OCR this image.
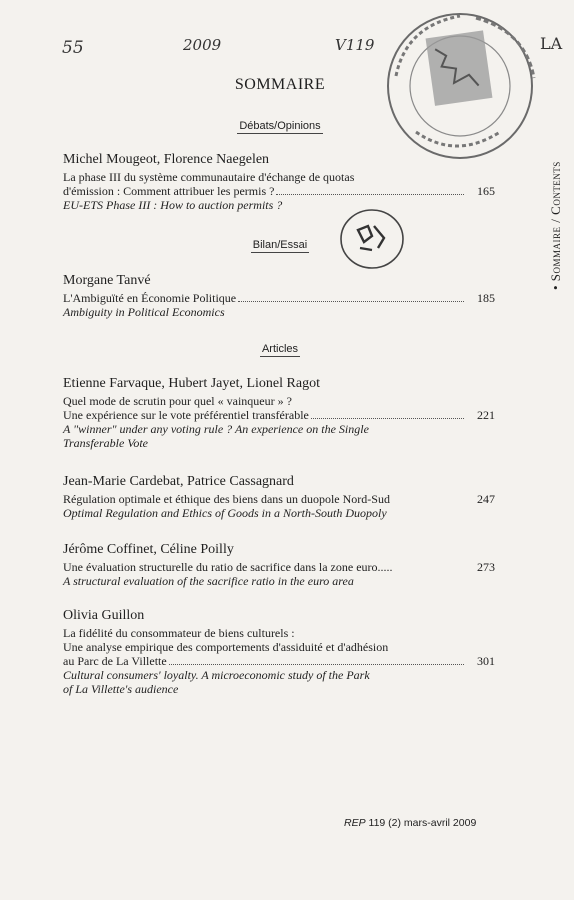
55	2009	V119	LA
SOMMAIRE
Débats/Opinions
Michel Mougeot, Florence Naegelen
La phase III du système communautaire d'échange de quotas
d'émission : Comment attribuer les permis ?	165
EU-ETS Phase III : How to auction permits ?
Bilan/Essai
Morgane Tanvé
L'Ambiguïté en Économie Politique	185
Ambiguity in Political Economics
Articles
Etienne Farvaque, Hubert Jayet, Lionel Ragot
Quel mode de scrutin pour quel « vainqueur » ?
Une expérience sur le vote préférentiel transférable	221
A "winner" under any voting rule ? An experience on the Single
Transferable Vote
Jean-Marie Cardebat, Patrice Cassagnard
Régulation optimale et éthique des biens dans un duopole Nord-Sud	247
Optimal Regulation and Ethics of Goods in a North-South Duopoly
Jérôme Coffinet, Céline Poilly
Une évaluation structurelle du ratio de sacrifice dans la zone euro.....	273
A structural evaluation of the sacrifice ratio in the euro area
Olivia Guillon
La fidélité du consommateur de biens culturels :
Une analyse empirique des comportements d'assiduité et d'adhésion
au Parc de La Villette	301
Cultural consumers' loyalty. A microeconomic study of the Park
of La Villette's audience
• Sommaire / Contents
REP 119 (2) mars-avril 2009
